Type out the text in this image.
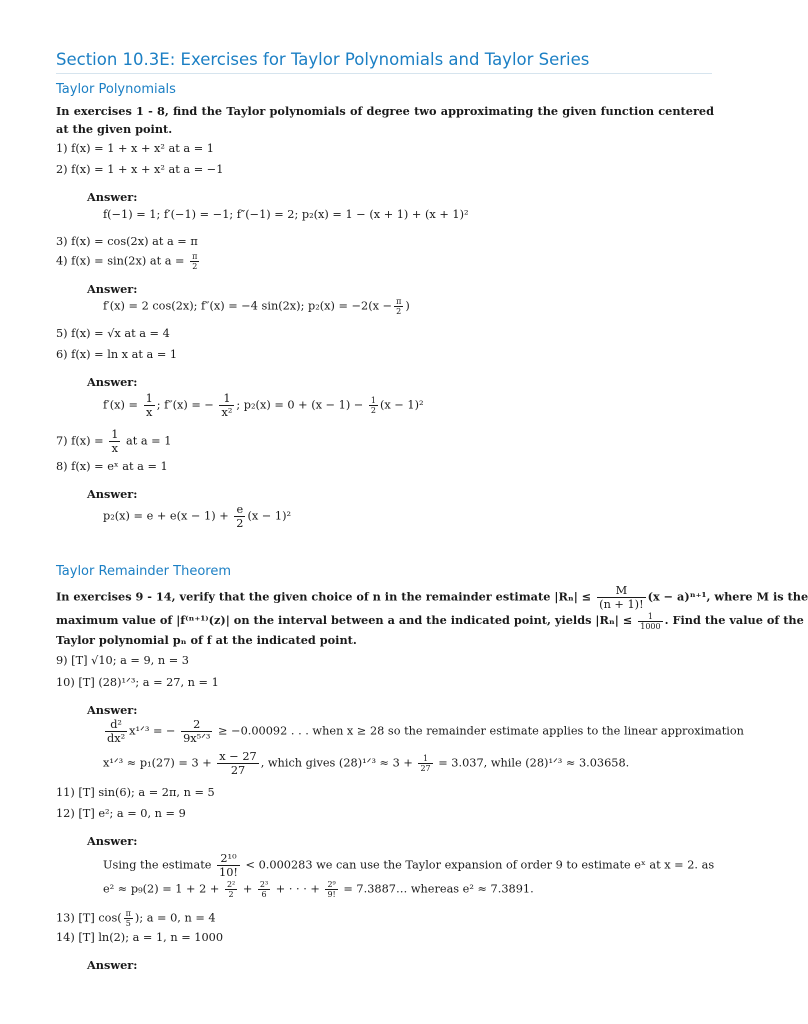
Section 10.3E: Exercises for Taylor Polynomials and Taylor Series
Taylor Polynomials
In exercises 1 - 8, find the Taylor polynomials of degree two approximating the given function centered at the given point.
1) f(x) = 1 + x + x² at a = 1
2) f(x) = 1 + x + x² at a = −1
Answer:
f(−1) = 1; f′(−1) = −1; f″(−1) = 2; p₂(x) = 1 − (x + 1) + (x + 1)²
3) f(x) = cos(2x) at a = π
4) f(x) = sin(2x) at $a = \frac{\pi}{2}$
Answer:
f′(x) = 2 cos(2x); f″(x) = −4 sin(2x); $p_2(x) = -2(x - \frac{\pi}{2}$ )
5) f(x) = √x at a = 4
6) f(x) = ln x at a = 1
Answer:
$f'(x) = \frac{1}{x}$ ; f″(x) = − $\frac{1}{\text{x²}}$ ; $p_2(x) = 0 + (x - 1) - \frac{1}{2} (x - 1)^2$
7) $f(x) = \frac{1}{x}$ at a = 1
8) f(x) = eˣ at a = 1
Answer:
$p_2(x) = e + e(x - 1) + \frac{e}{2} (x - 1)^2$
Taylor Remainder Theorem
In exercises 9 - 14, verify that the given choice of n in the remainder estimate $|R_n| \le \frac{M}{(n + 1)!} (x - a)^{n+1}$, where M is the
maximum value of |f⁽ⁿ⁺¹⁾(z)| on the interval between a and the indicated point, yields $|R_n| \le \frac{1}{1000}$ . Find the value of the
Taylor polynomial pₙ of f at the indicated point.
9) [T] √10; a = 9, n = 3
10) [T] (28)¹ᐟ³; a = 27, n = 1
Answer:
$\frac{\text{d²}}{\text{dx²}}$ x¹ᐟ³ = − $\frac{2}{\text{9x⁵ᐟ³}} \ge -0.00092$ . . . when x ≥ 28 so the remainder estimate applies to the linear approximation
x¹ᐟ³ ≈ $p_1(27) = 3 + \frac{x - 27}{27}$ , which gives (28)¹ᐟ³ ≈ $3 + \frac{1}{27} = 3.037$, while (28)¹ᐟ³ ≈ 3.03658.
11) [T] sin(6); a = 2π, n = 5
12) [T] e²; a = 0, n = 9
Answer:
Using the estimate $\frac{\text{2¹⁰}}{10!} < 0.000283$ we can use the Taylor expansion of order 9 to estimate eˣ at x = 2. as
$e^2 \approx p_9(2) = 1 + 2 + \frac{\text{2²}}{2} + \frac{\text{2³}}{6}$ + · · · + $\frac{\text{2⁹}}{9!}$ = 7.3887… whereas e² ≈ 7.3891.
13) [T] $\cos( \frac{\pi}{5}$ ); a = 0, n = 4
14) [T] ln(2); a = 1, n = 1000
Answer:
